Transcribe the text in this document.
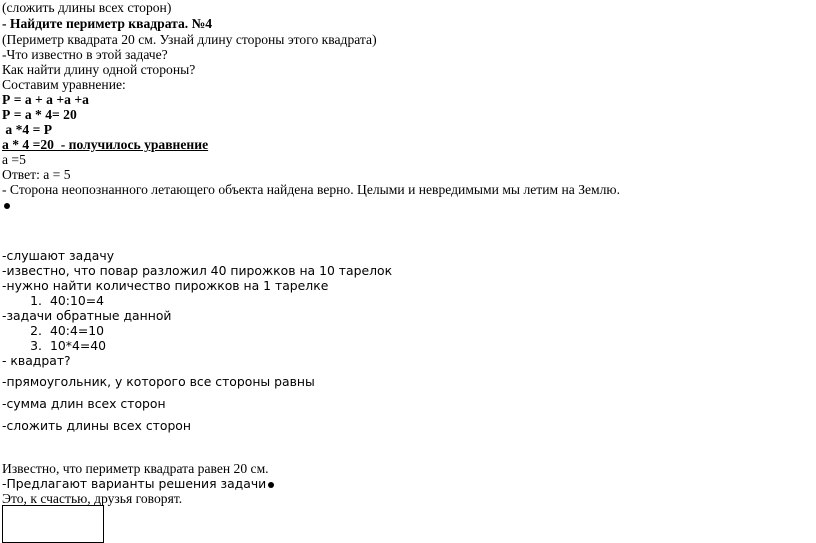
(сложить длины всех сторон)
- Найдите периметр квадрата. №4
(Периметр квадрата 20 см. Узнай длину стороны этого квадрата)
-Что известно в этой задаче?
Как найти длину одной стороны?
Составим уравнение:
Р = а + а +а +а
Р = а * 4= 20
а *4 = Р
а * 4 =20  - получилось уравнение
а =5
Ответ: а = 5
- Сторона неопознанного летающего объекта найдена верно. Целыми и невредимыми мы летим на Землю.
-слушают задачу
-известно, что повар разложил 40 пирожков на 10 тарелок
-нужно найти количество пирожков на 1 тарелке
1. 40:10=4
-задачи обратные данной
2. 40:4=10
3. 10*4=40
- квадрат?
-прямоугольник, у которого все стороны равны
-сумма длин всех сторон
-сложить длины всех сторон
Известно, что периметр квадрата равен 20 см.
-Предлагают варианты решения задачи
Это, к счастью, друзья говорят.
